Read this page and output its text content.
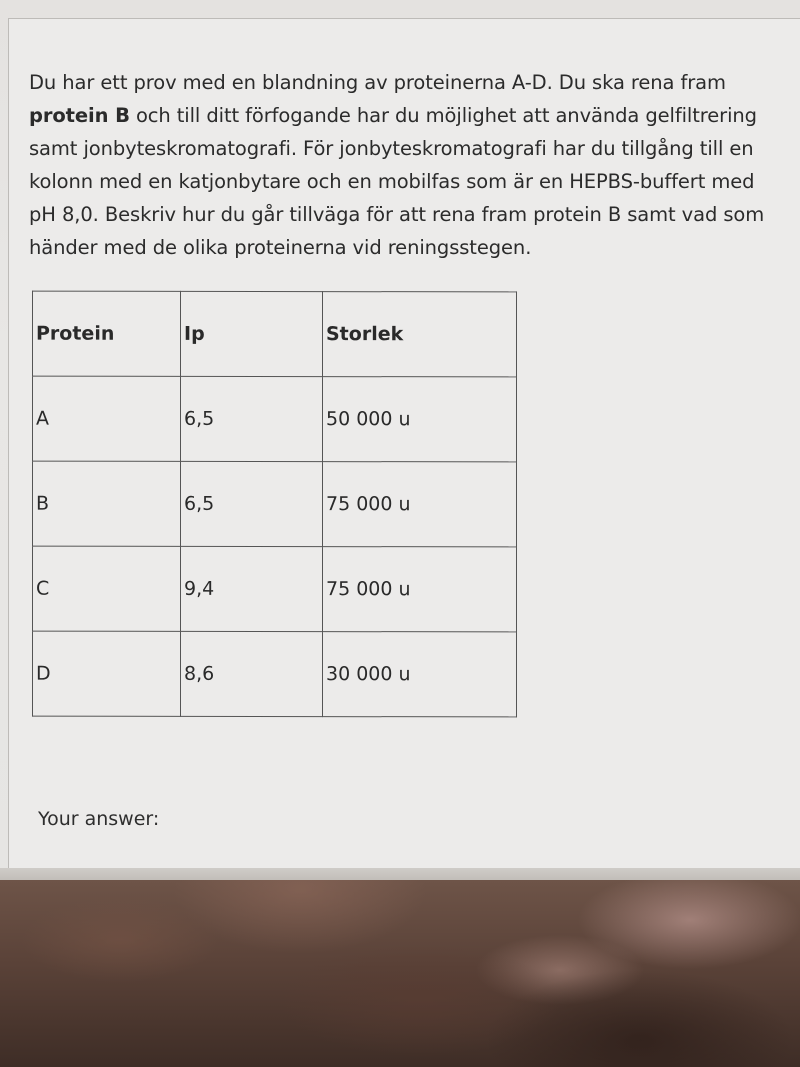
Du har ett prov med en blandning av proteinerna A-D. Du ska rena fram
protein B och till ditt förfogande har du möjlighet att använda gelfiltrering
samt jonbyteskromatografi. För jonbyteskromatografi har du tillgång till en
kolonn med en katjonbytare och en mobilfas som är en HEPBS-buffert med
pH 8,0. Beskriv hur du går tillväga för att rena fram protein B samt vad som
händer med de olika proteinerna vid reningsstegen.
Protein	Ip	Storlek
A	6,5	50 000 u
B	6,5	75 000 u
C	9,4	75 000 u
D	8,6	30 000 u
Your answer:
